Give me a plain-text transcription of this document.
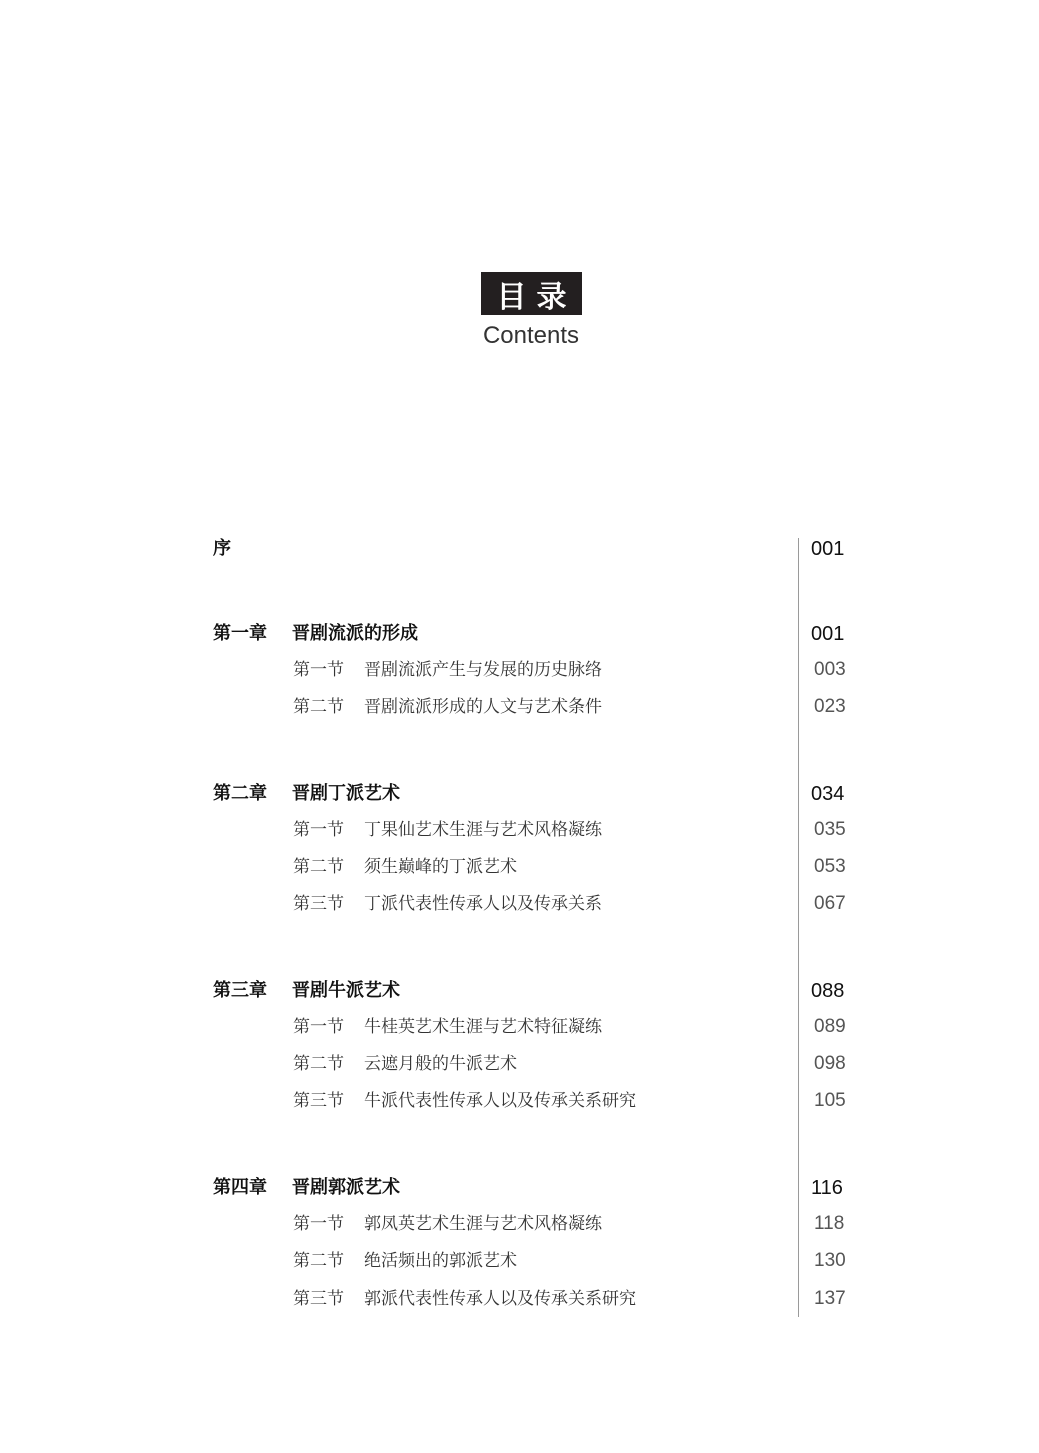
目录
Contents
序	001
第一章 晋剧流派的形成	001
第一节 晋剧流派产生与发展的历史脉络	003
第二节 晋剧流派形成的人文与艺术条件	023
第二章 晋剧丁派艺术	034
第一节 丁果仙艺术生涯与艺术风格凝练	035
第二节 须生巅峰的丁派艺术	053
第三节 丁派代表性传承人以及传承关系	067
第三章 晋剧牛派艺术	088
第一节 牛桂英艺术生涯与艺术特征凝练	089
第二节 云遮月般的牛派艺术	098
第三节 牛派代表性传承人以及传承关系研究	105
第四章 晋剧郭派艺术	116
第一节 郭凤英艺术生涯与艺术风格凝练	118
第二节 绝活频出的郭派艺术	130
第三节 郭派代表性传承人以及传承关系研究	137
